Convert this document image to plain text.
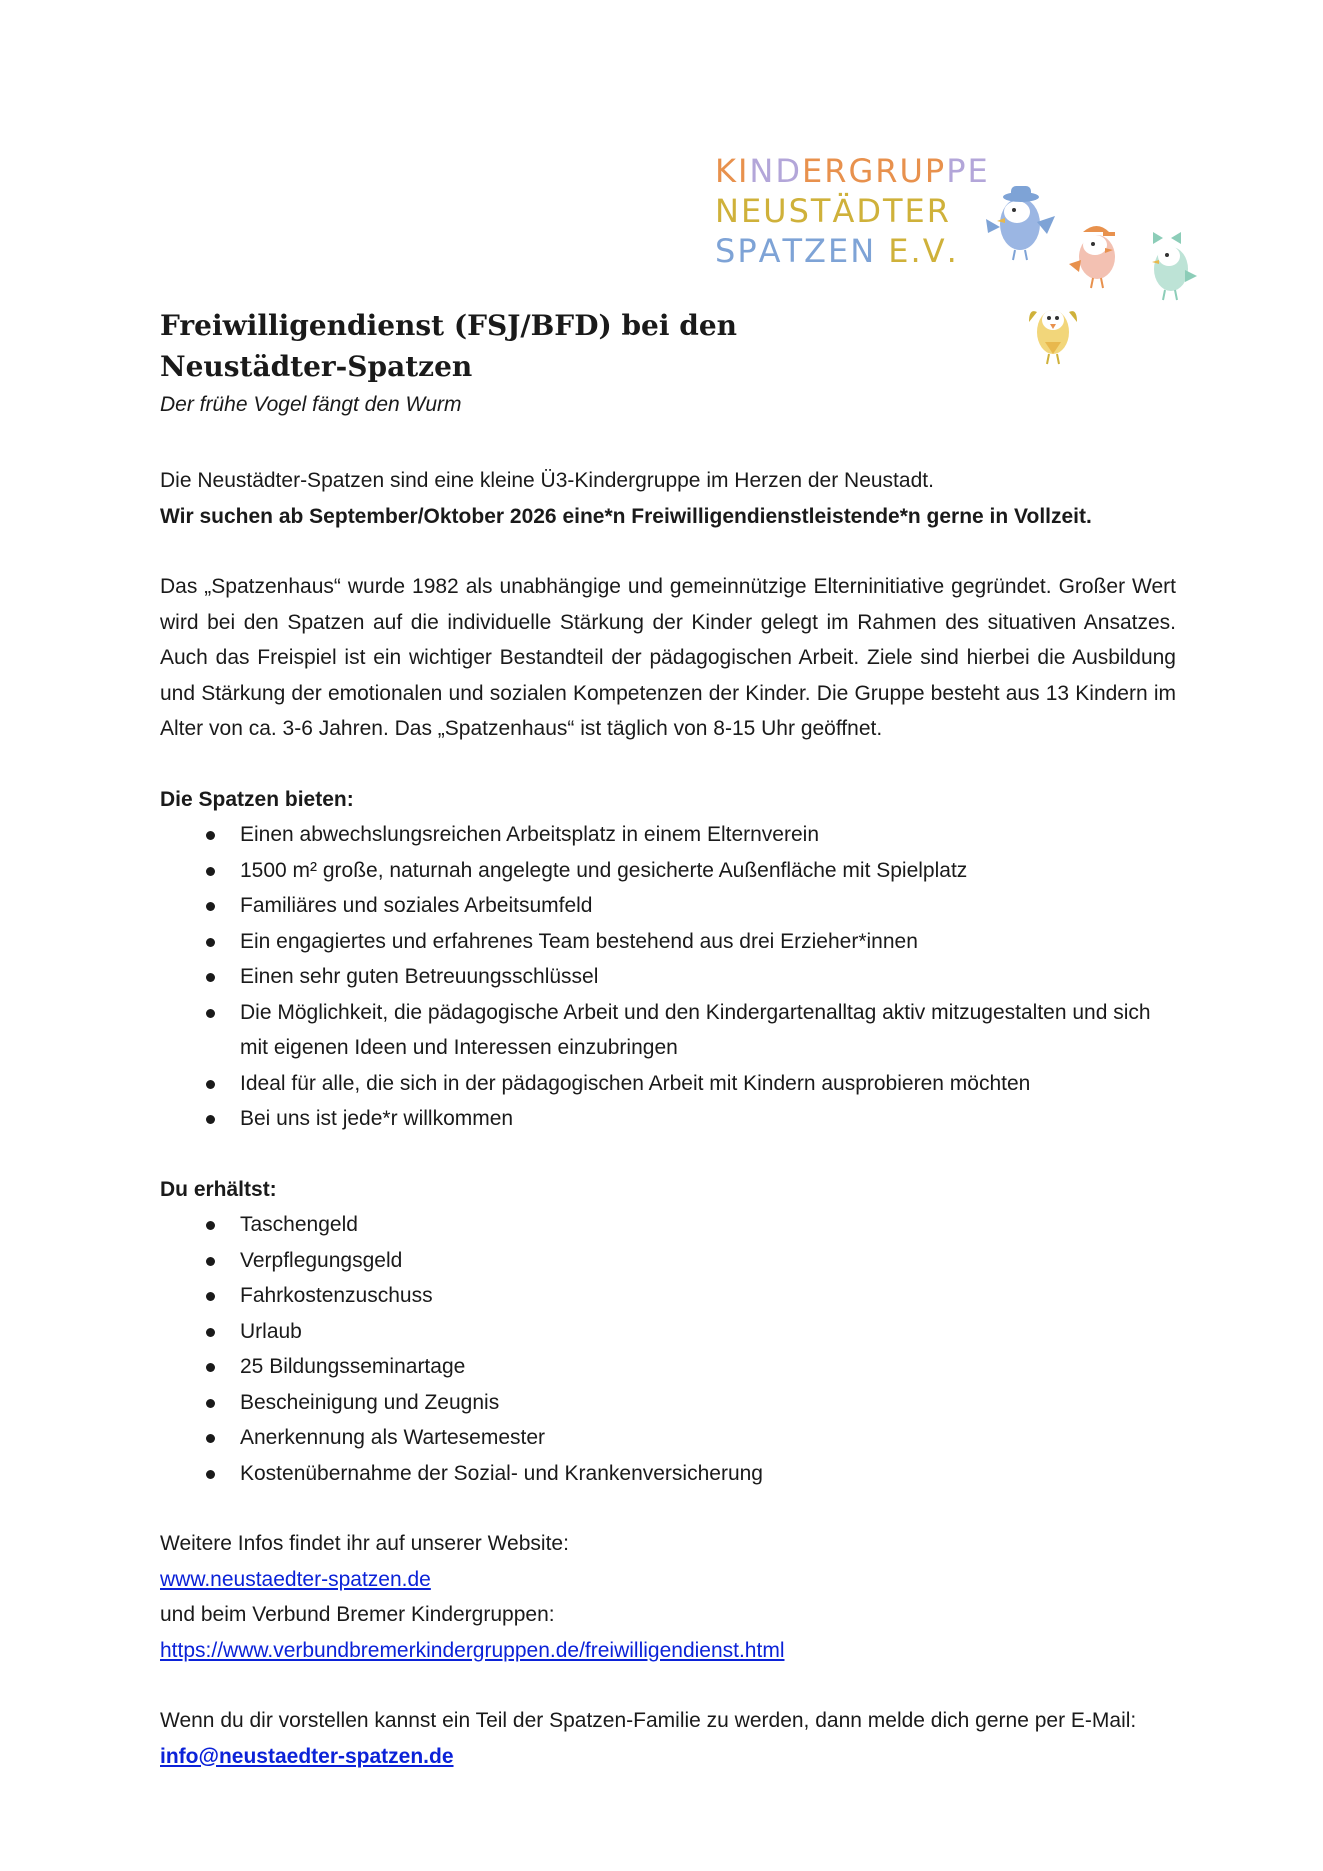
KINDERGRUPPE
NEUSTÄDTER
SPATZEN E.V.
Freiwilligendienst (FSJ/BFD) bei den
Neustädter-Spatzen

Der frühe Vogel fängt den Wurm

Die Neustädter-Spatzen sind eine kleine Ü3-Kindergruppe im Herzen der Neustadt.

Wir suchen ab September/Oktober 2026 eine*n Freiwilligendienstleistende*n gerne in Vollzeit.

Das „Spatzenhaus“ wurde 1982 als unabhängige und gemeinnützige Elterninitiative gegründet. Großer Wert wird bei den Spatzen auf die individuelle Stärkung der Kinder gelegt im Rahmen des situativen Ansatzes. Auch das Freispiel ist ein wichtiger Bestandteil der pädagogischen Arbeit. Ziele sind hierbei die Ausbildung und Stärkung der emotionalen und sozialen Kompetenzen der Kinder. Die Gruppe besteht aus 13 Kindern im Alter von ca. 3-6 Jahren. Das „Spatzenhaus“ ist täglich von 8-15 Uhr geöffnet.

Die Spatzen bieten:
Einen abwechslungsreichen Arbeitsplatz in einem Elternverein
1500 m² große, naturnah angelegte und gesicherte Außenfläche mit Spielplatz
Familiäres und soziales Arbeitsumfeld
Ein engagiertes und erfahrenes Team bestehend aus drei Erzieher*innen
Einen sehr guten Betreuungsschlüssel
Die Möglichkeit, die pädagogische Arbeit und den Kindergartenalltag aktiv mitzugestalten und sich mit eigenen Ideen und Interessen einzubringen
Ideal für alle, die sich in der pädagogischen Arbeit mit Kindern ausprobieren möchten
Bei uns ist jede*r willkommen
Du erhältst:
Taschengeld
Verpflegungsgeld
Fahrkostenzuschuss
Urlaub
25 Bildungsseminartage
Bescheinigung und Zeugnis
Anerkennung als Wartesemester
Kostenübernahme der Sozial- und Krankenversicherung

Weitere Infos findet ihr auf unserer Website:

www.neustaedter-spatzen.de

und beim Verbund Bremer Kindergruppen:

https://www.verbundbremerkindergruppen.de/freiwilligendienst.html

Wenn du dir vorstellen kannst ein Teil der Spatzen-Familie zu werden, dann melde dich gerne per E-Mail: info@neustaedter-spatzen.de
